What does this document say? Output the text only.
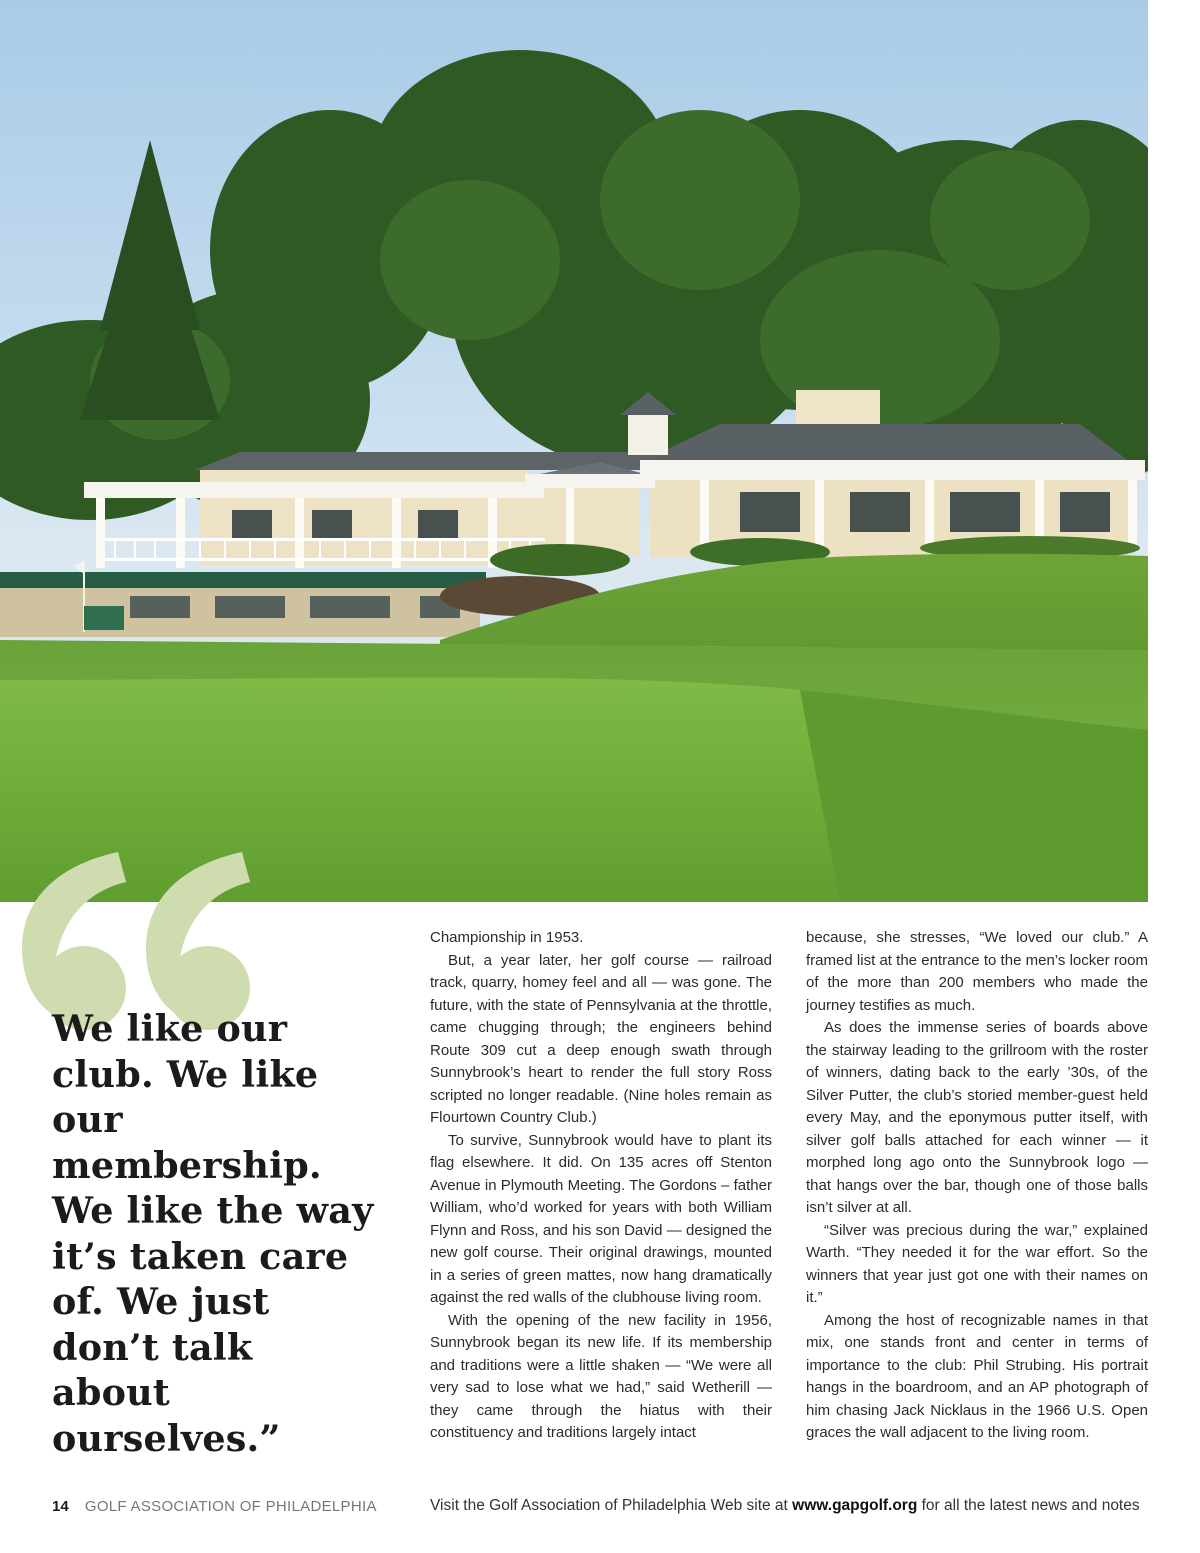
We like our club. We like our membership. We like the way it’s taken care of. We just don’t talk about ourselves.”

Championship in 1953.

But, a year later, her golf course — railroad track, quarry, homey feel and all — was gone. The future, with the state of Pennsylvania at the throttle, came chugging through; the engineers behind Route 309 cut a deep enough swath through Sunnybrook’s heart to render the full story Ross scripted no longer readable. (Nine holes remain as Flourtown Country Club.)

To survive, Sunnybrook would have to plant its flag elsewhere. It did. On 135 acres off Stenton Avenue in Plymouth Meeting. The Gordons – father William, who’d worked for years with both William Flynn and Ross, and his son David — designed the new golf course. Their original drawings, mounted in a series of green mattes, now hang dramatically against the red walls of the clubhouse living room.

With the opening of the new facility in 1956, Sunnybrook began its new life. If its membership and traditions were a little shaken — “We were all very sad to lose what we had,” said Wetherill — they came through the hiatus with their constituency and traditions largely intact

because, she stresses, “We loved our club.” A framed list at the entrance to the men’s locker room of the more than 200 members who made the journey testifies as much.

As does the immense series of boards above the stairway leading to the grillroom with the roster of winners, dating back to the early ’30s, of the Silver Putter, the club’s storied member-guest held every May, and the eponymous putter itself, with silver golf balls attached for each winner — it morphed long ago onto the Sunnybrook logo — that hangs over the bar, though one of those balls isn’t silver at all.

“Silver was precious during the war,” explained Warth. “They needed it for the war effort. So the winners that year just got one with their names on it.”

Among the host of recognizable names in that mix, one stands front and center in terms of importance to the club: Phil Strubing. His portrait hangs in the boardroom, and an AP photograph of him chasing Jack Nicklaus in the 1966 U.S. Open graces the wall adjacent to the living room.

14 GOLF ASSOCIATION OF PHILADELPHIA	Visit the Golf Association of Philadelphia Web site at www.gapgolf.org for all the latest news and notes
